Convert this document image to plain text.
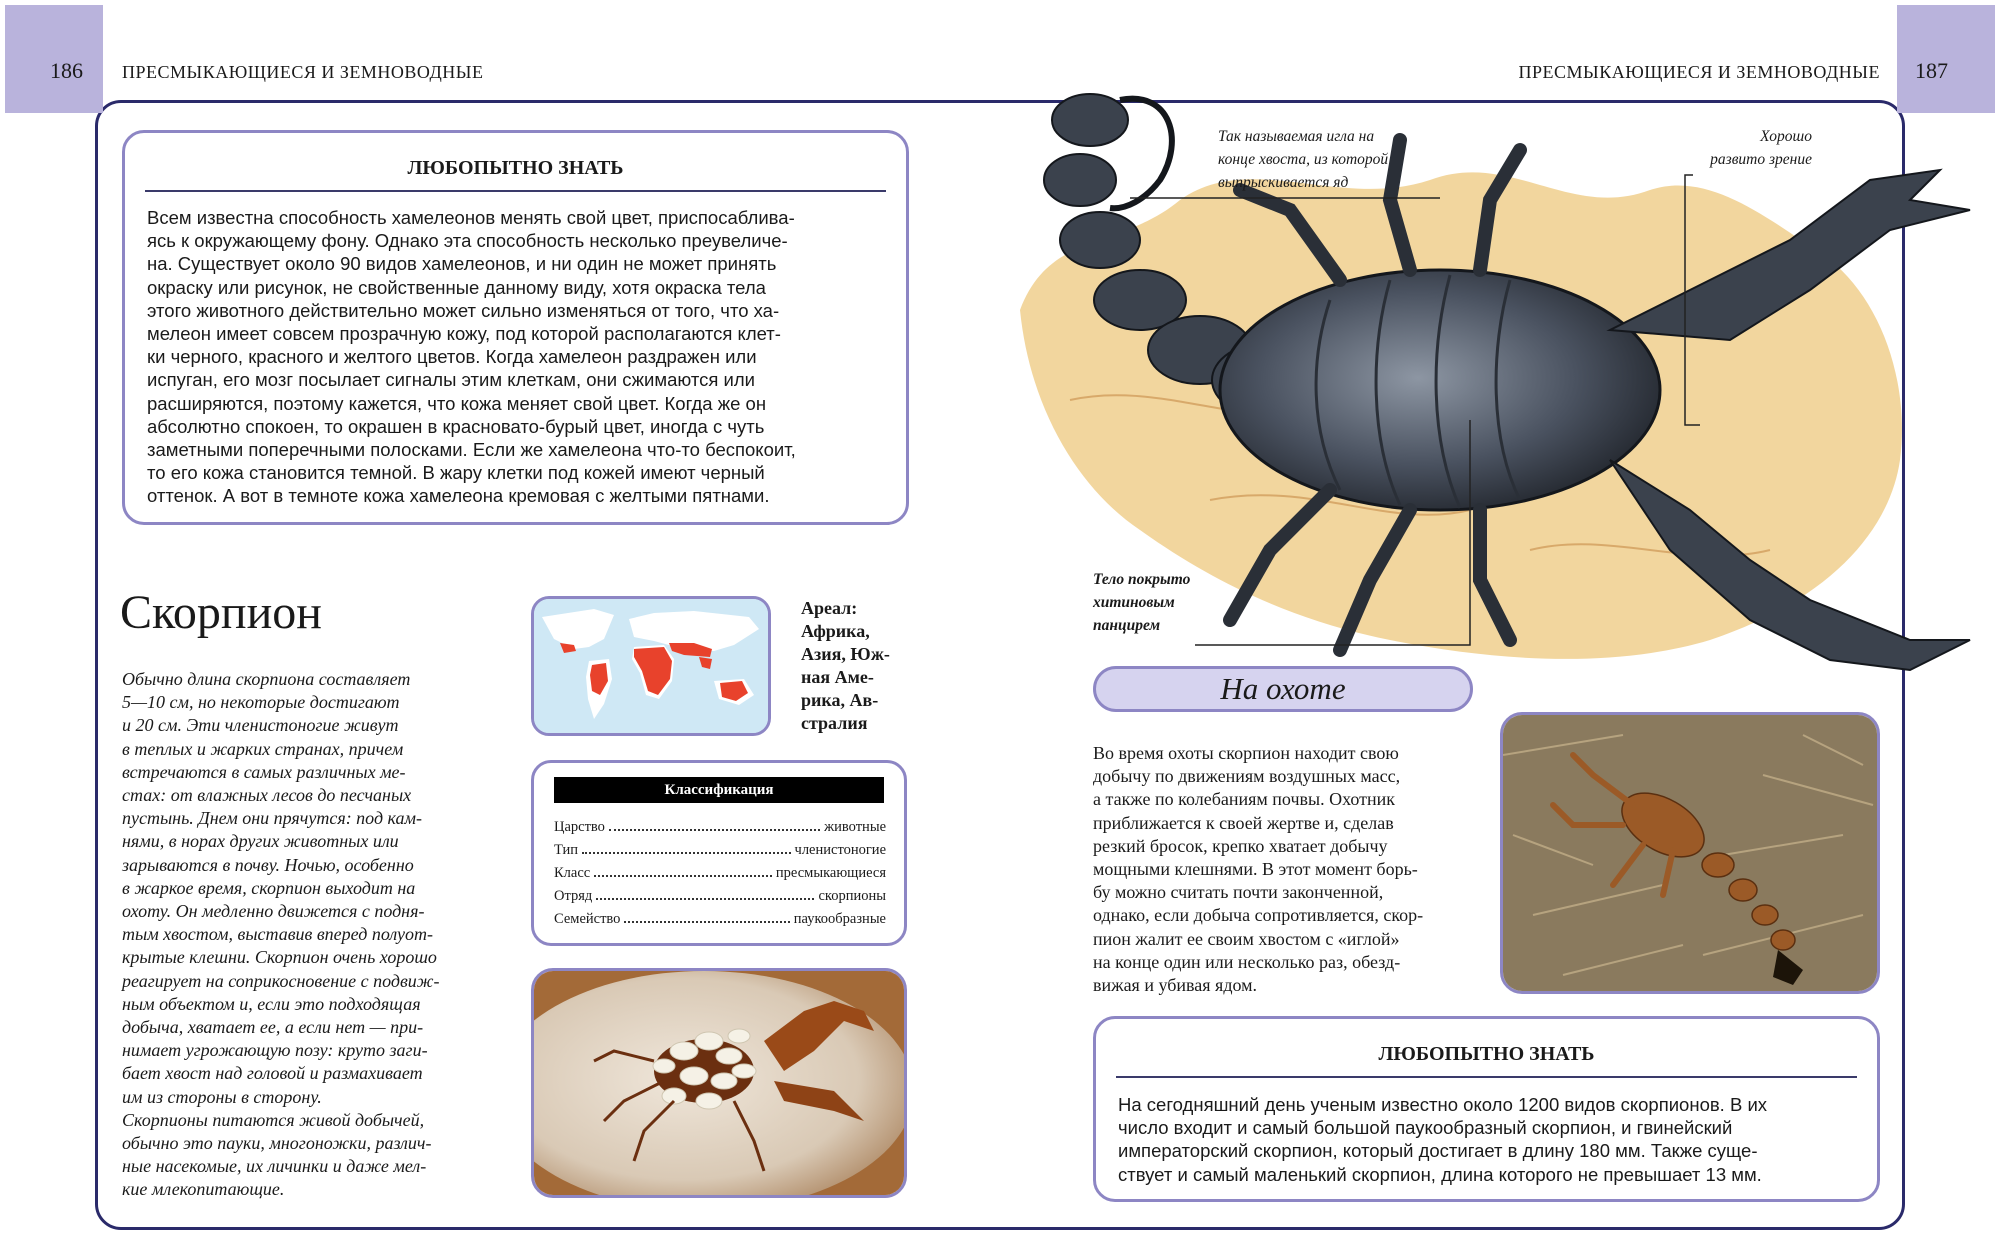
186	187
ПРЕСМЫКАЮЩИЕСЯ И ЗЕМНОВОДНЫЕ	ПРЕСМЫКАЮЩИЕСЯ И ЗЕМНОВОДНЫЕ
ЛЮБОПЫТНО ЗНАТЬ
Всем известна способность хамелеонов менять свой цвет, приспосаблива-
ясь к окружающему фону. Однако эта способность несколько преувеличе-
на. Существует около 90 видов хамелеонов, и ни один не может принять
окраску или рисунок, не свойственные данному виду, хотя окраска тела
этого животного действительно может сильно изменяться от того, что ха-
мелеон имеет совсем прозрачную кожу, под которой располагаются клет-
ки черного, красного и желтого цветов. Когда хамелеон раздражен или
испуган, его мозг посылает сигналы этим клеткам, они сжимаются или
расширяются, поэтому кажется, что кожа меняет свой цвет. Когда же он
абсолютно спокоен, то окрашен в красновато-бурый цвет, иногда с чуть
заметными поперечными полосками. Если же хамелеона что-то беспокоит,
то его кожа становится темной. В жару клетки под кожей имеют черный
оттенок. А вот в темноте кожа хамелеона кремовая с желтыми пятнами.
Скорпион

Обычно длина скорпиона составляет

5—10 см, но некоторые достигают

и 20 см. Эти членистоногие живут

в теплых и жарких странах, причем

встречаются в самых различных ме-

стах: от влажных лесов до песчаных

пустынь. Днем они прячутся: под кам-

нями, в норах других животных или

зарываются в почву. Ночью, особенно

в жаркое время, скорпион выходит на

охоту. Он медленно движется с подня-

тым хвостом, выставив вперед полуот-

крытые клешни. Скорпион очень хорошо

реагирует на соприкосновение с подвиж-

ным объектом и, если это подходящая

добыча, хватает ее, а если нет — при-

нимает угрожающую позу: круто заги-

бает хвост над головой и размахивает

им из стороны в сторону.

Скорпионы питаются живой добычей,

обычно это пауки, многоножки, различ-

ные насекомые, их личинки и даже мел-

кие млекопитающие.

Ареал:
Африка,
Азия, Юж-
ная Аме-
рика, Ав-
стралия
Классификация
Царство	животные
Тип	членистоногие
Класс	пресмыкающиеся
Отряд	скорпионы
Семейство	паукообразные
Так называемая игла на
конце хвоста, из которой
выпрыскивается яд
Хорошо
развито зрение
Тело покрыто
хитиновым
панцирем
На охоте
Во время охоты скорпион находит свою
добычу по движениям воздушных масс,
а также по колебаниям почвы. Охотник
приближается к своей жертве и, сделав
резкий бросок, крепко хватает добычу
мощными клешнями. В этот момент борь-
бу можно считать почти законченной,
однако, если добыча сопротивляется, скор-
пион жалит ее своим хвостом с «иглой»
на конце один или несколько раз, обезд-
вижая и убивая ядом.
ЛЮБОПЫТНО ЗНАТЬ
На сегодняшний день ученым известно около 1200 видов скорпионов. В их
число входит и самый большой паукообразный скорпион, и гвинейский
императорский скорпион, который достигает в длину 180 мм. Также суще-
ствует и самый маленький скорпион, длина которого не превышает 13 мм.
